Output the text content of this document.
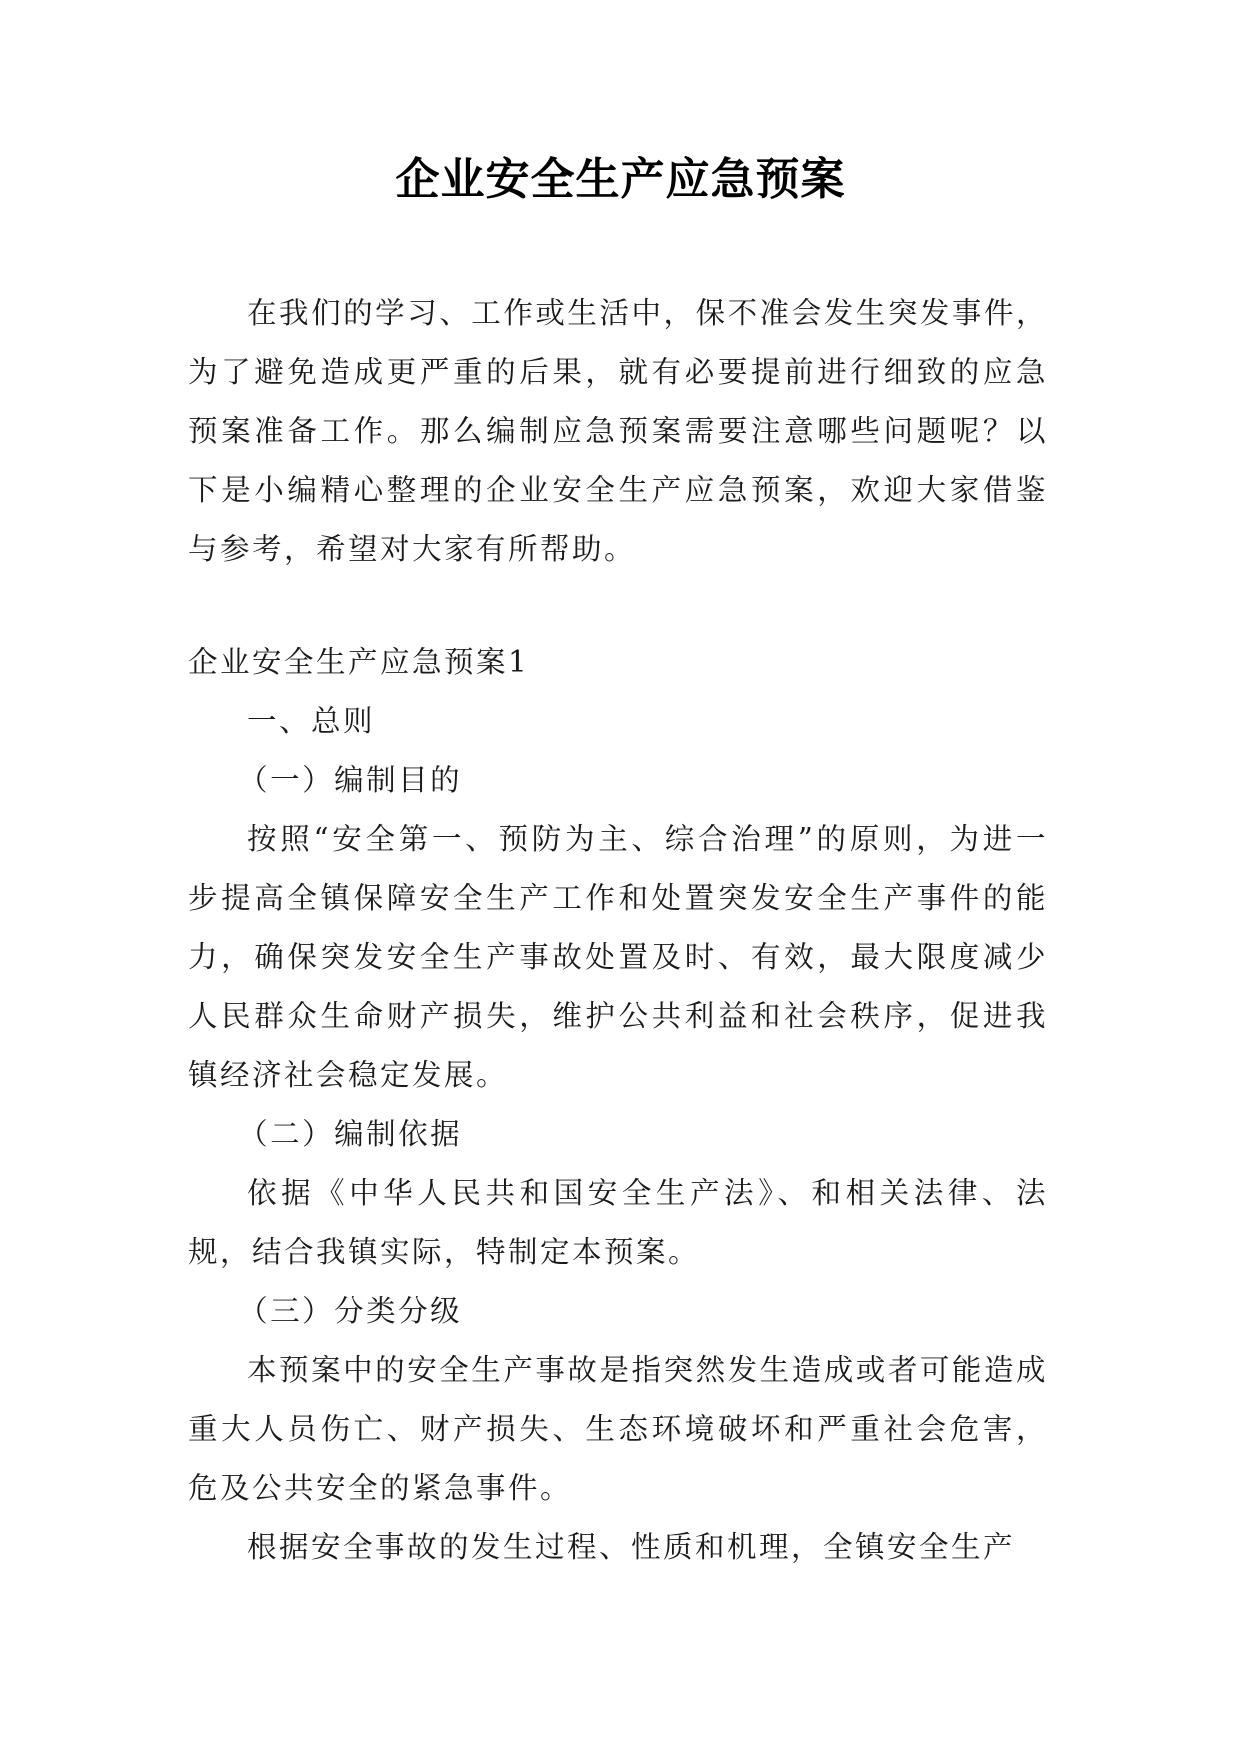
企业安全生产应急预案

在我们的学习、工作或生活中，保不准会发生突发事件，为了避免造成更严重的后果，就有必要提前进行细致的应急预案准备工作。那么编制应急预案需要注意哪些问题呢？以下是小编精心整理的企业安全生产应急预案，欢迎大家借鉴与参考，希望对大家有所帮助。

企业安全生产应急预案1

一、总则

（一）编制目的

按照“安全第一、预防为主、综合治理”的原则，为进一步提高全镇保障安全生产工作和处置突发安全生产事件的能力，确保突发安全生产事故处置及时、有效，最大限度减少人民群众生命财产损失，维护公共利益和社会秩序，促进我镇经济社会稳定发展。

（二）编制依据

依据《中华人民共和国安全生产法》、和相关法律、法规，结合我镇实际，特制定本预案。

（三）分类分级

本预案中的安全生产事故是指突然发生造成或者可能造成重大人员伤亡、财产损失、生态环境破坏和严重社会危害，危及公共安全的紧急事件。

根据安全事故的发生过程、性质和机理，全镇安全生产
